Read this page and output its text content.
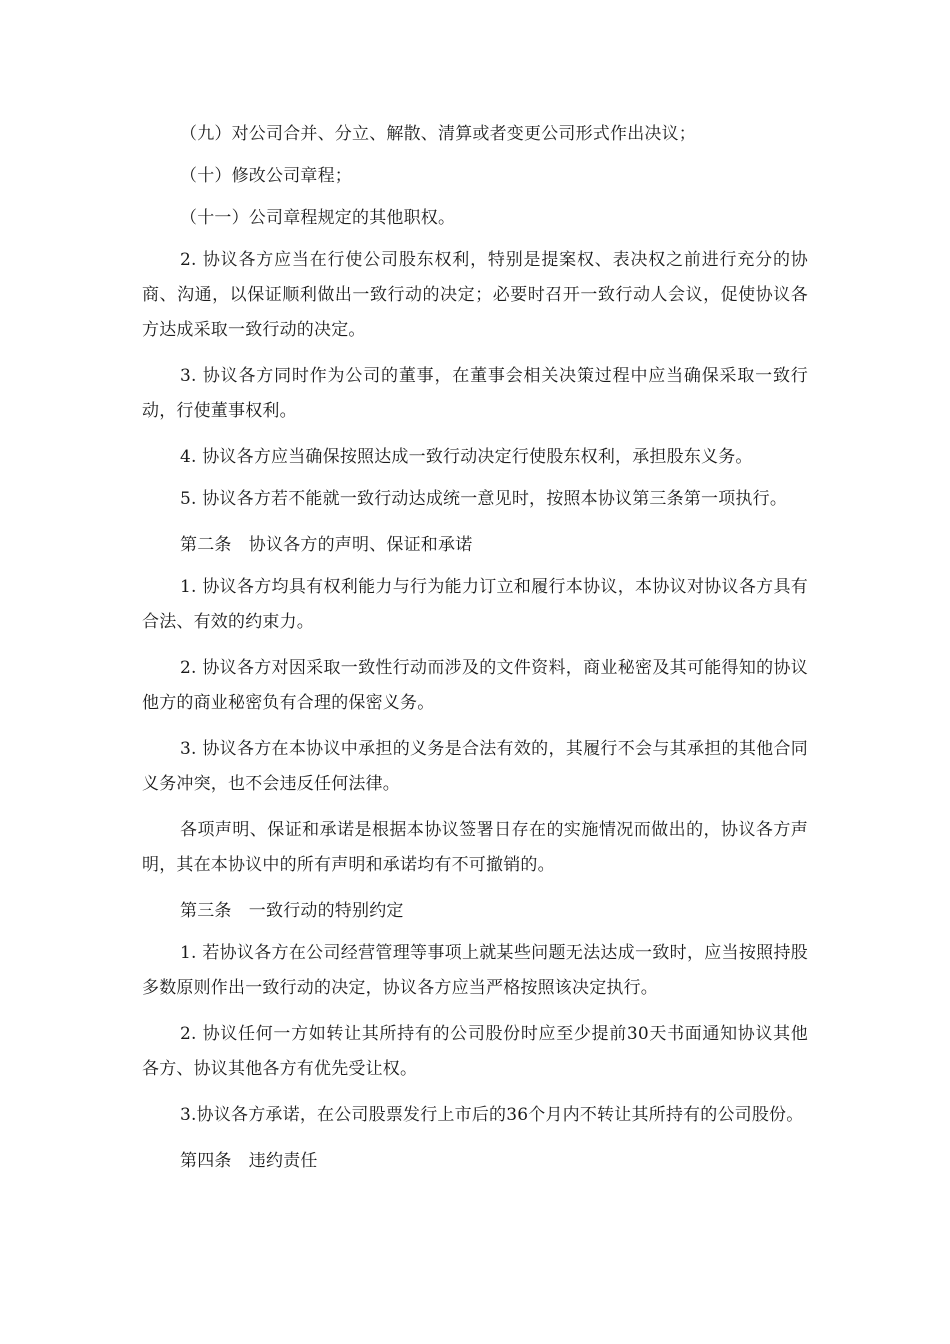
（九）对公司合并、分立、解散、清算或者变更公司形式作出决议；

（十）修改公司章程；

（十一）公司章程规定的其他职权。

2. 协议各方应当在行使公司股东权利，特别是提案权、表决权之前进行充分的协商、沟通，以保证顺利做出一致行动的决定；必要时召开一致行动人会议，促使协议各方达成采取一致行动的决定。

3. 协议各方同时作为公司的董事，在董事会相关决策过程中应当确保采取一致行动，行使董事权利。

4. 协议各方应当确保按照达成一致行动决定行使股东权利，承担股东义务。

5. 协议各方若不能就一致行动达成统一意见时，按照本协议第三条第一项执行。

第二条　协议各方的声明、保证和承诺

1. 协议各方均具有权利能力与行为能力订立和履行本协议，本协议对协议各方具有合法、有效的约束力。

2. 协议各方对因采取一致性行动而涉及的文件资料，商业秘密及其可能得知的协议他方的商业秘密负有合理的保密义务。

3. 协议各方在本协议中承担的义务是合法有效的，其履行不会与其承担的其他合同义务冲突，也不会违反任何法律。

各项声明、保证和承诺是根据本协议签署日存在的实施情况而做出的，协议各方声明，其在本协议中的所有声明和承诺均有不可撤销的。

第三条　一致行动的特别约定

1. 若协议各方在公司经营管理等事项上就某些问题无法达成一致时，应当按照持股多数原则作出一致行动的决定，协议各方应当严格按照该决定执行。

2. 协议任何一方如转让其所持有的公司股份时应至少提前30天书面通知协议其他各方、协议其他各方有优先受让权。

3.协议各方承诺，在公司股票发行上市后的36个月内不转让其所持有的公司股份。

第四条　违约责任
